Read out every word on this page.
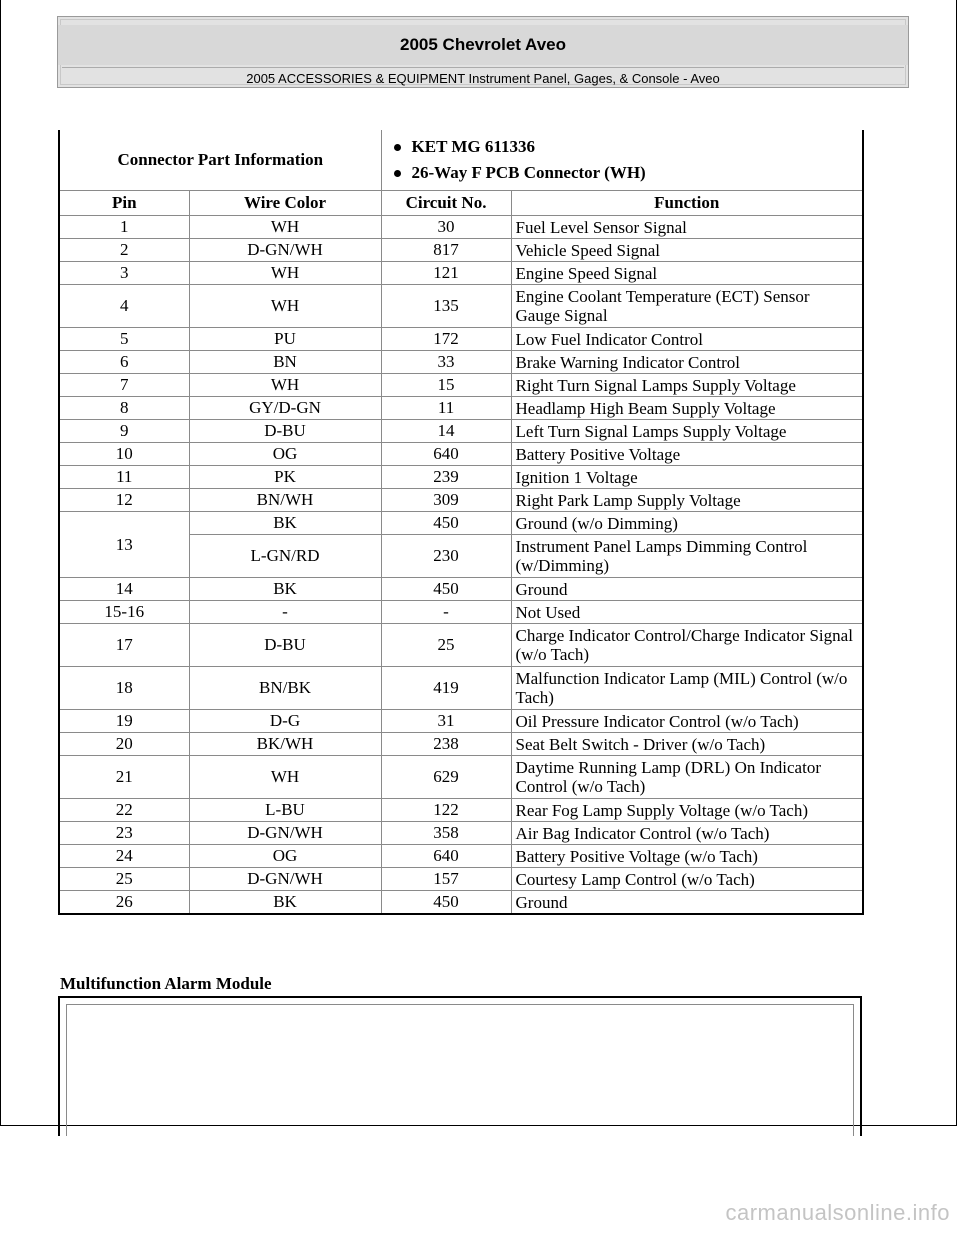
2005 Chevrolet Aveo
2005 ACCESSORIES & EQUIPMENT Instrument Panel, Gages, & Console - Aveo
Connector Part Information		KET MG 611336
26-Way F PCB Connector (WH)	

Pin	Wire Color	Circuit No.	Function
1	WH	30	Fuel Level Sensor Signal
2	D-GN/WH	817	Vehicle Speed Signal
3	WH	121	Engine Speed Signal
4	WH	135	Engine Coolant Temperature (ECT) Sensor Gauge Signal
5	PU	172	Low Fuel Indicator Control
6	BN	33	Brake Warning Indicator Control
7	WH	15	Right Turn Signal Lamps Supply Voltage
8	GY/D-GN	11	Headlamp High Beam Supply Voltage
9	D-BU	14	Left Turn Signal Lamps Supply Voltage
10	OG	640	Battery Positive Voltage
11	PK	239	Ignition 1 Voltage
12	BN/WH	309	Right Park Lamp Supply Voltage
13	BK	450	Ground (w/o Dimming)
	L-GN/RD	230	Instrument Panel Lamps Dimming Control (w/Dimming)
14	BK	450	Ground
15-16	-	-	Not Used
17	D-BU	25	Charge Indicator Control/Charge Indicator Signal (w/o Tach)
18	BN/BK	419	Malfunction Indicator Lamp (MIL) Control (w/o Tach)
19	D-G	31	Oil Pressure Indicator Control (w/o Tach)
20	BK/WH	238	Seat Belt Switch - Driver (w/o Tach)
21	WH	629	Daytime Running Lamp (DRL) On Indicator Control (w/o Tach)
22	L-BU	122	Rear Fog Lamp Supply Voltage (w/o Tach)
23	D-GN/WH	358	Air Bag Indicator Control (w/o Tach)
24	OG	640	Battery Positive Voltage (w/o Tach)
25	D-GN/WH	157	Courtesy Lamp Control (w/o Tach)
26	BK	450	Ground
Multifunction Alarm Module
carmanualsonline.info
